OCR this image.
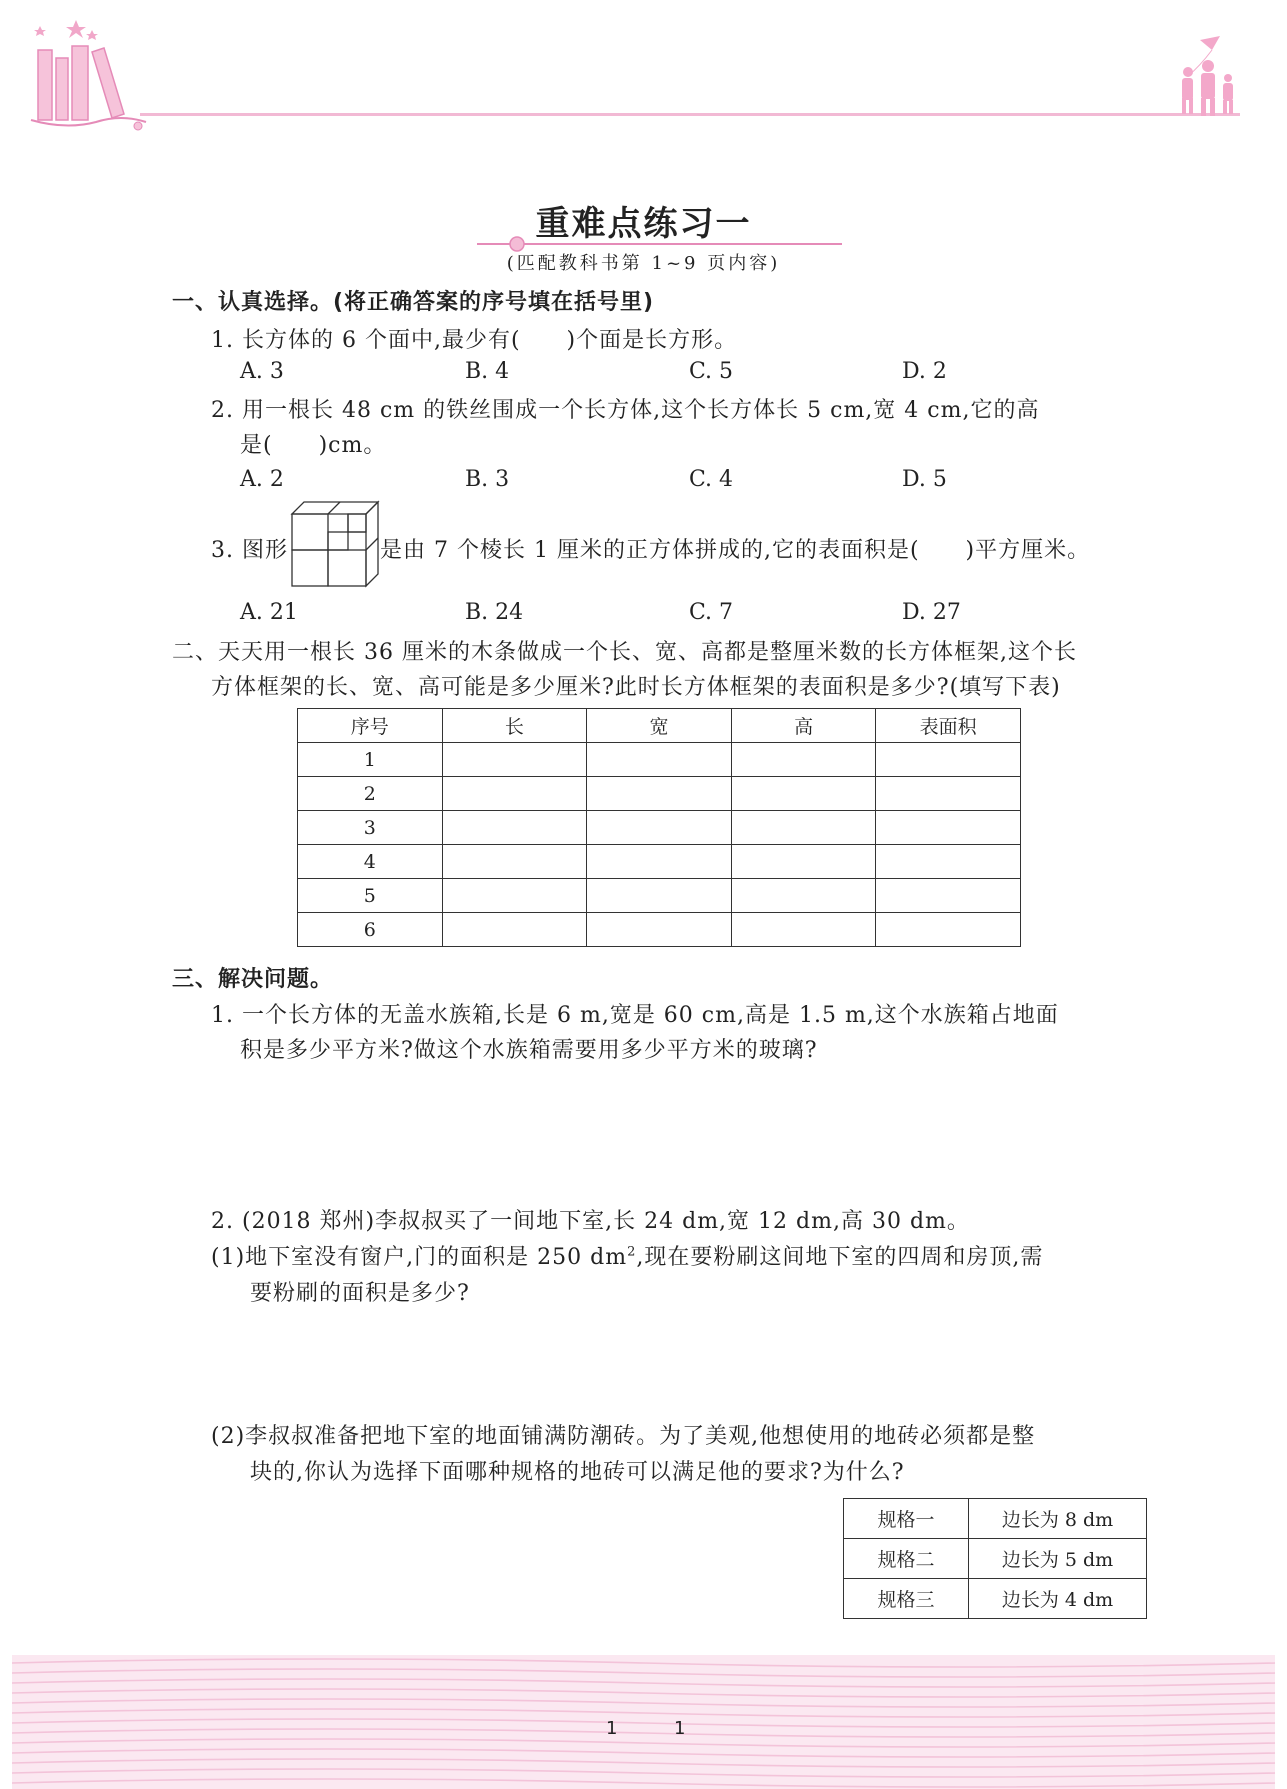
重难点练习一
(匹配教科书第 1~9 页内容)
一、认真选择。(将正确答案的序号填在括号里)
1. 长方体的 6 个面中,最少有(　　)个面是长方形。
A. 3	B. 4	C. 5	D. 2
2. 用一根长 48 cm 的铁丝围成一个长方体,这个长方体长 5 cm,宽 4 cm,它的高
是(　　)cm。
A. 2	B. 3	C. 4	D. 5
3. 图形	是由 7 个棱长 1 厘米的正方体拼成的,它的表面积是(　　)平方厘米。
A. 21	B. 24	C. 7	D. 27
二、天天用一根长 36 厘米的木条做成一个长、宽、高都是整厘米数的长方体框架,这个长
方体框架的长、宽、高可能是多少厘米?此时长方体框架的表面积是多少?(填写下表)
序号	长	宽	高	表面积
1				
2				
3				
4				
5				
6				
三、解决问题。
1. 一个长方体的无盖水族箱,长是 6 m,宽是 60 cm,高是 1.5 m,这个水族箱占地面
积是多少平方米?做这个水族箱需要用多少平方米的玻璃?
2. (2018 郑州)李叔叔买了一间地下室,长 24 dm,宽 12 dm,高 30 dm。
(1)地下室没有窗户,门的面积是 250 $dm^2$,现在要粉刷这间地下室的四周和房顶,需
要粉刷的面积是多少?
(2)李叔叔准备把地下室的地面铺满防潮砖。为了美观,他想使用的地砖必须都是整
块的,你认为选择下面哪种规格的地砖可以满足他的要求?为什么?
规格一	边长为 8 dm
规格二	边长为 5 dm
规格三	边长为 4 dm
1	1
